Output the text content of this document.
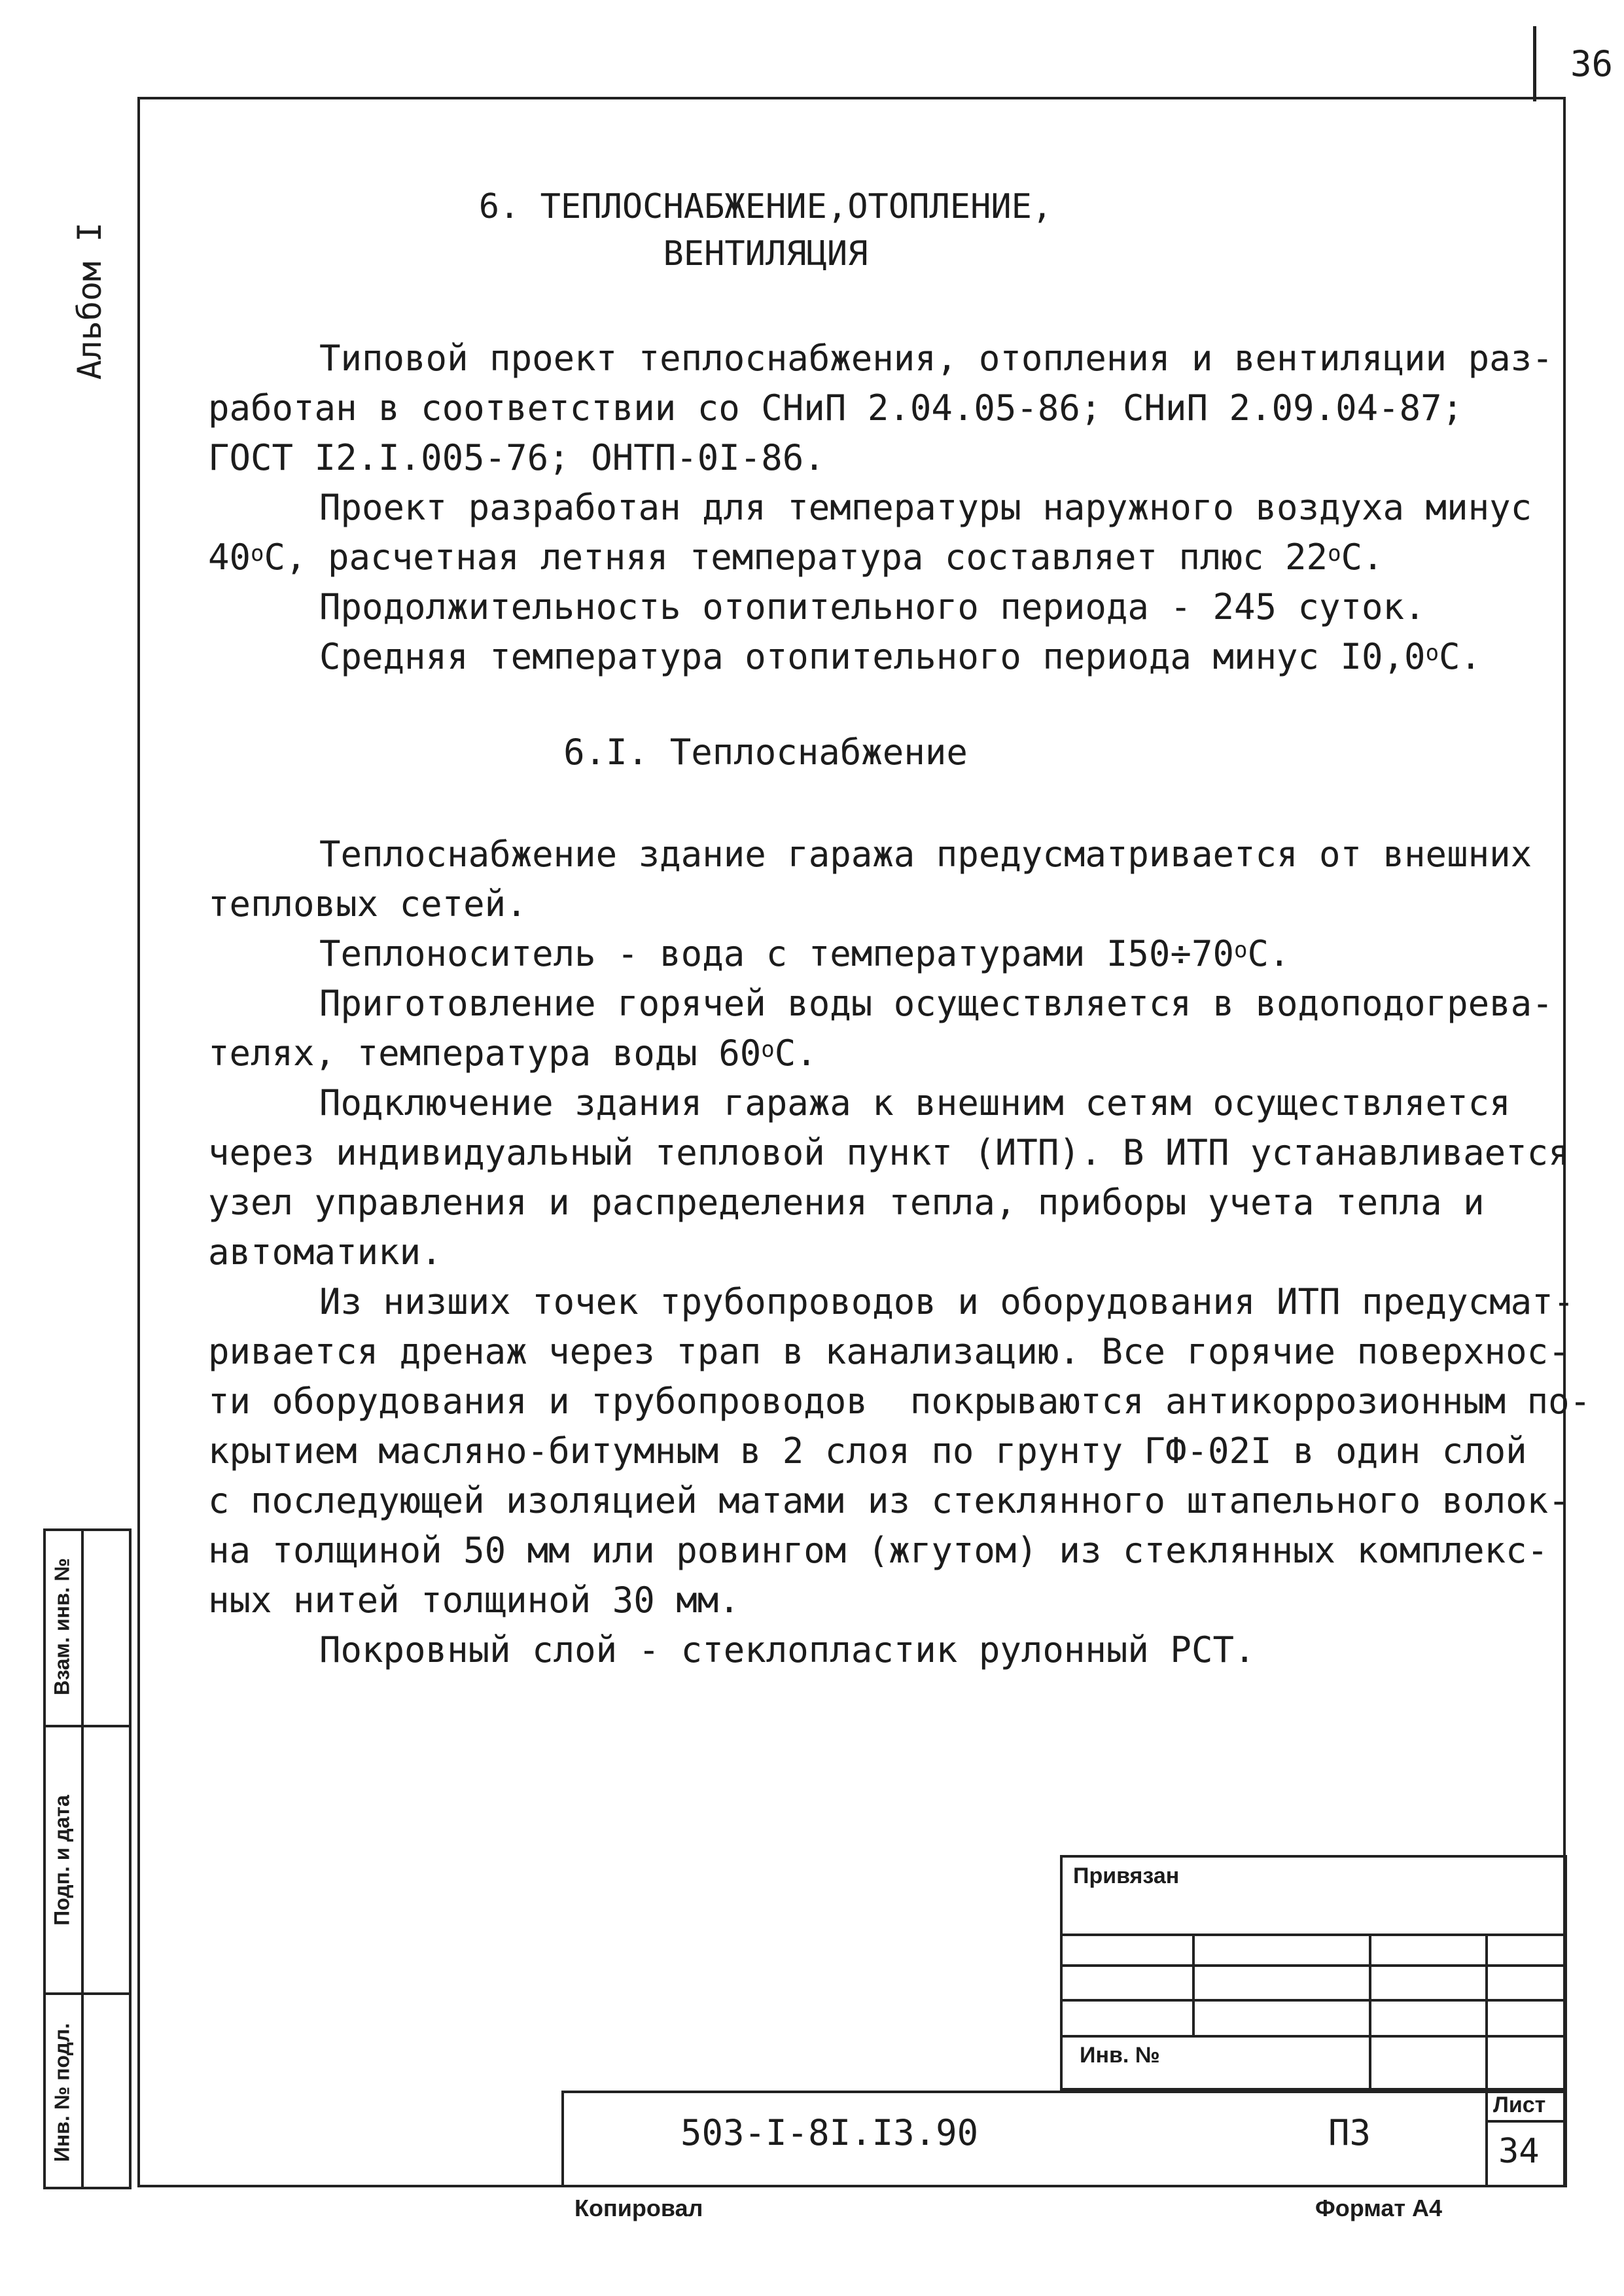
36
Альбом I
6. ТЕПЛОСНАБЖЕНИЕ,ОТОПЛЕНИЕ,
ВЕНТИЛЯЦИЯ
Типовой проект теплоснабжения, отопления и вентиляции раз-
работан в соответствии со СНиП 2.04.05-86; СНиП 2.09.04-87;
ГОСТ I2.I.005-76; ОНТП-0I-86.
Проект разработан для температуры наружного воздуха минус
$40^оС$, расчетная летняя температура составляет плюс $22^оС$.
Продолжительность отопительного периода - 245 суток.
Средняя температура отопительного периода минус $I0,0^оС$.
6.I. Теплоснабжение
Теплоснабжение здание гаража предусматривается от внешних
тепловых сетей.
Теплоноситель - вода с температурами $I50\div 70^оС$.
Приготовление горячей воды осуществляется в водоподогрева-
телях, температура воды $60^оС$.
Подключение здания гаража к внешним сетям осуществляется
через индивидуальный тепловой пункт (ИТП). В ИТП устанавливается
узел управления и распределения тепла, приборы учета тепла и
автоматики.
Из низших точек трубопроводов и оборудования ИТП предусмат-
ривается дренаж через трап в канализацию. Все горячие поверхнос-
ти оборудования и трубопроводов  покрываются антикоррозионным по-
крытием масляно-битумным в 2 слоя по грунту ГФ-02I в один слой
с последующей изоляцией матами из стеклянного штапельного волок-
на толщиной 50 мм или ровингом (жгутом) из стеклянных комплекс-
ных нитей толщиной 30 мм.
Покровный слой - стеклопластик рулонный РСТ.
Взам. инв. №
Подп. и дата
Инв. № подл.
Привязан
Инв. №
503-I-8I.I3.90	ПЗ
Лист
34
Копировал	Формат А4
